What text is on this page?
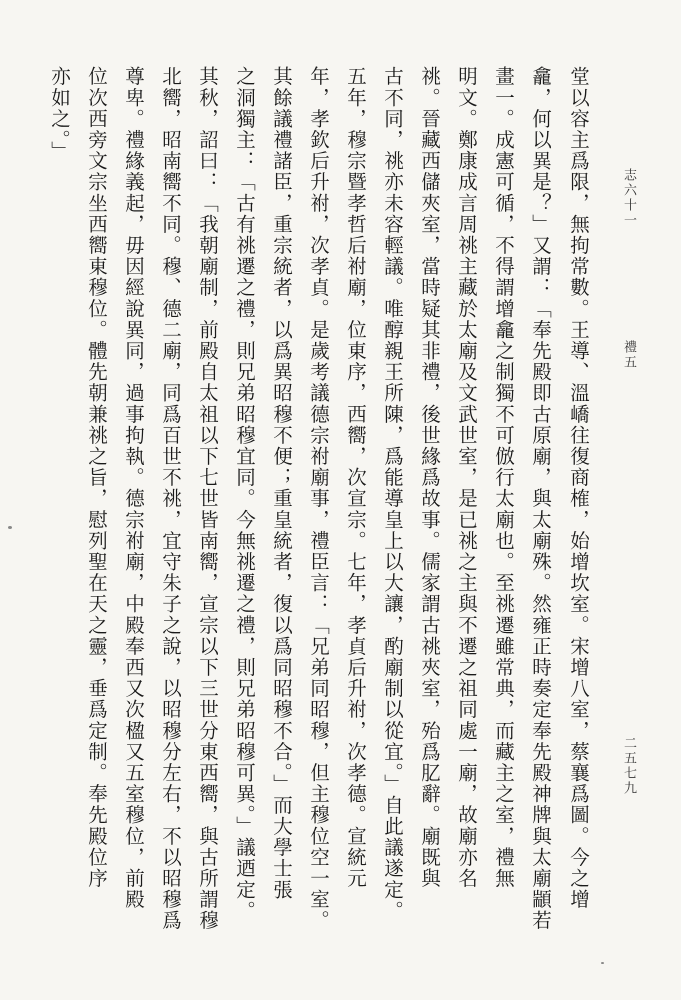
志六十一
禮五
二五七九
堂以容主爲限，無拘常數。王導、溫嶠往復商榷，始增坎室。宋增八室，蔡襄爲圖。今之增
龕，何以異是？」又謂：「奉先殿即古原廟，與太廟殊。然雍正時奏定奉先殿神牌與太廟顓若
畫一。成憲可循，不得謂增龕之制獨不可倣行太廟也。至祧遷雖常典，而藏主之室，禮無
明文。鄭康成言周祧主藏於太廟及文武世室，是已祧之主與不遷之祖同處一廟，故廟亦名
祧。晉藏西儲夾室，當時疑其非禮，後世緣爲故事。儒家謂古祧夾室，殆爲肊辭。廟既與
古不同，祧亦未容輕議。唯醇親王所陳，爲能導皇上以大讓，酌廟制以從宜。」自此議遂定。
五年，穆宗暨孝哲后祔廟，位東序，西嚮，次宣宗。七年，孝貞后升祔，次孝德。宣統元
年，孝欽后升祔，次孝貞。是歲考議德宗祔廟事，禮臣言：「兄弟同昭穆，但主穆位空一室。
其餘議禮諸臣，重宗統者，以爲異昭穆不便；重皇統者，復以爲同昭穆不合。」而大學士張
之洞獨主：「古有祧遷之禮，則兄弟昭穆宜同。今無祧遷之禮，則兄弟昭穆可異。」議迺定。
其秋，詔曰：「我朝廟制，前殿自太祖以下七世皆南嚮，宣宗以下三世分東西嚮，與古所謂穆
北嚮，昭南嚮不同。穆、德二廟，同爲百世不祧，宜守朱子之說，以昭穆分左右，不以昭穆爲
尊卑。禮緣義起，毋因經說異同，過事拘執。德宗祔廟，中殿奉西又次楹又五室穆位，前殿
位次西旁文宗坐西嚮東穆位。體先朝兼祧之旨，慰列聖在天之靈，垂爲定制。奉先殿位序
亦如之。」
